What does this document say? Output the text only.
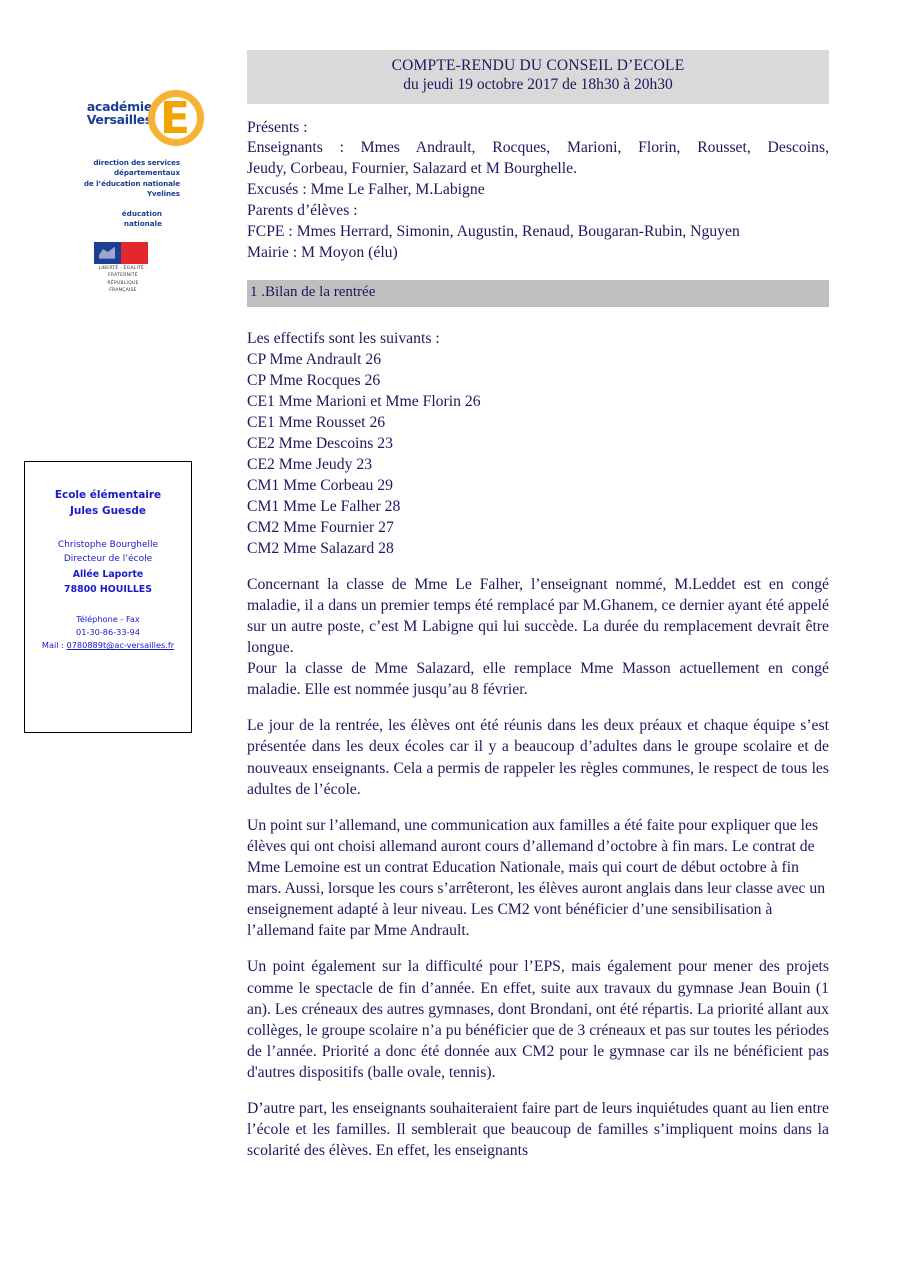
académie
Versailles E
direction des services
départementaux
de l’éducation nationale
Yvelines
éducation
nationale
LIBERTÉ · ÉGALITÉ · FRATERNITÉ
RÉPUBLIQUE FRANÇAISE
Ecole élémentaire
Jules Guesde
Christophe Bourghelle
Directeur de l’école
Allée Laporte
78800 HOUILLES
Téléphone - Fax
01-30-86-33-94
Mail : 0780889t@ac-versailles.fr
COMPTE-RENDU DU CONSEIL D’ECOLE
du jeudi 19 octobre 2017 de 18h30 à 20h30
Présents :
Enseignants : Mmes Andrault, Rocques, Marioni, Florin, Rousset, Descoins,
Jeudy, Corbeau, Fournier, Salazard et M Bourghelle.
Excusés : Mme Le Falher, M.Labigne
Parents d’élèves :
FCPE : Mmes Herrard, Simonin, Augustin, Renaud, Bougaran-Rubin, Nguyen
Mairie : M Moyon (élu)
1 .Bilan de la rentrée
Les effectifs sont les suivants :
CP Mme Andrault 26
CP Mme Rocques 26
CE1 Mme Marioni et Mme Florin 26
CE1 Mme Rousset 26
CE2 Mme Descoins 23
CE2 Mme Jeudy 23
CM1 Mme Corbeau 29
CM1 Mme Le Falher 28
CM2 Mme Fournier 27
CM2 Mme Salazard 28

Concernant la classe de Mme Le Falher, l’enseignant nommé, M.Leddet est en congé maladie, il a dans un premier temps été remplacé par M.Ghanem, ce dernier ayant été appelé sur un autre poste, c’est M Labigne qui lui succède. La durée du remplacement devrait être longue.

Pour la classe de Mme Salazard, elle remplace Mme Masson actuellement en congé maladie. Elle est nommée jusqu’au 8 février.

Le jour de la rentrée, les élèves ont été réunis dans les deux préaux et chaque équipe s’est présentée dans les deux écoles car il y a beaucoup d’adultes dans le groupe scolaire et de nouveaux enseignants. Cela a permis de rappeler les règles communes, le respect de tous les adultes de l’école.

Un point sur l’allemand, une communication aux familles a été faite pour expliquer que les élèves qui ont choisi allemand auront cours d’allemand d’octobre à fin mars. Le contrat de Mme Lemoine est un contrat Education Nationale, mais qui court de début octobre à fin mars. Aussi, lorsque les cours s’arrêteront, les élèves auront anglais dans leur classe avec un enseignement adapté à leur niveau. Les CM2 vont bénéficier d’une sensibilisation à l’allemand faite par Mme Andrault.

Un point également sur la difficulté pour l’EPS, mais également pour mener des projets comme le spectacle de fin d’année. En effet, suite aux travaux du gymnase Jean Bouin (1 an). Les créneaux des autres gymnases, dont Brondani, ont été répartis. La priorité allant aux collèges, le groupe scolaire n’a pu bénéficier que de 3 créneaux et pas sur toutes les périodes de l’année. Priorité a donc été donnée aux CM2 pour le gymnase car ils ne bénéficient pas d'autres dispositifs (balle ovale, tennis).

D’autre part, les enseignants souhaiteraient faire part de leurs inquiétudes quant au lien entre l’école et les familles. Il semblerait que beaucoup de familles s’impliquent moins dans la scolarité des élèves. En effet, les enseignants
